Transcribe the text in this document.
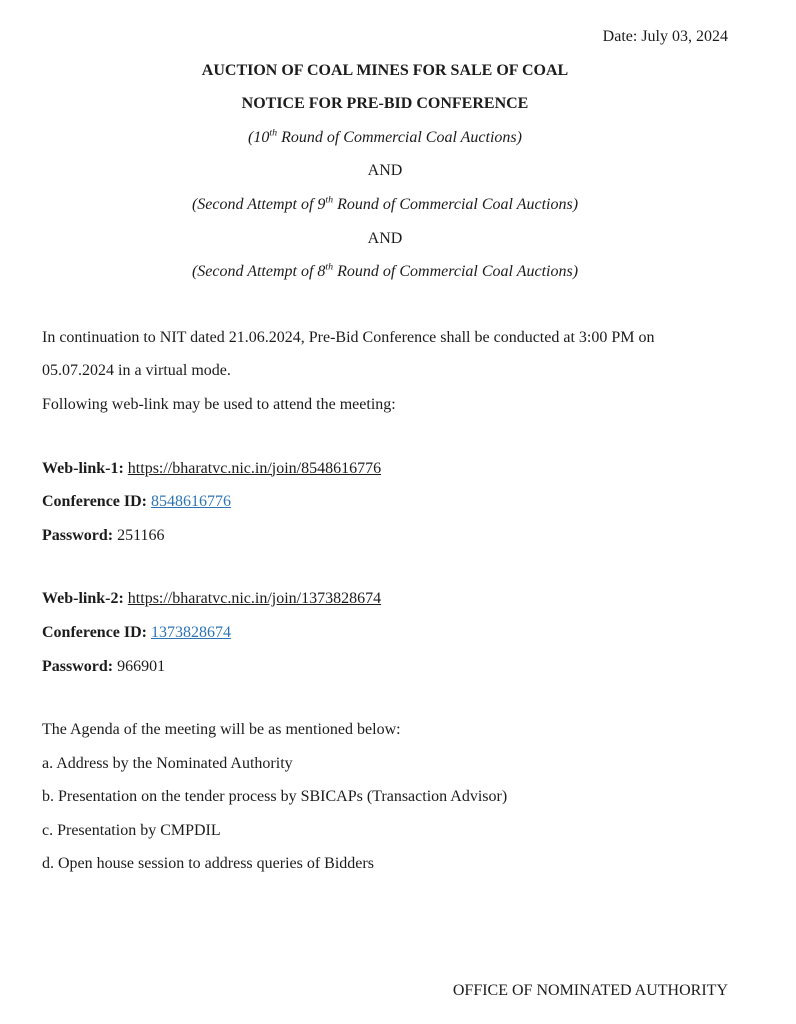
Date: July 03, 2024
AUCTION OF COAL MINES FOR SALE OF COAL
NOTICE FOR PRE-BID CONFERENCE
(10th Round of Commercial Coal Auctions)
AND
(Second Attempt of 9th Round of Commercial Coal Auctions)
AND
(Second Attempt of 8th Round of Commercial Coal Auctions)
In continuation to NIT dated 21.06.2024, Pre-Bid Conference shall be conducted at 3:00 PM on 05.07.2024 in a virtual mode.
Following web-link may be used to attend the meeting:
Web-link-1: https://bharatvc.nic.in/join/8548616776
Conference ID: 8548616776
Password: 251166
Web-link-2: https://bharatvc.nic.in/join/1373828674
Conference ID: 1373828674
Password: 966901
The Agenda of the meeting will be as mentioned below:
a. Address by the Nominated Authority
b. Presentation on the tender process by SBICAPs (Transaction Advisor)
c. Presentation by CMPDIL
d. Open house session to address queries of Bidders
OFFICE OF NOMINATED AUTHORITY
